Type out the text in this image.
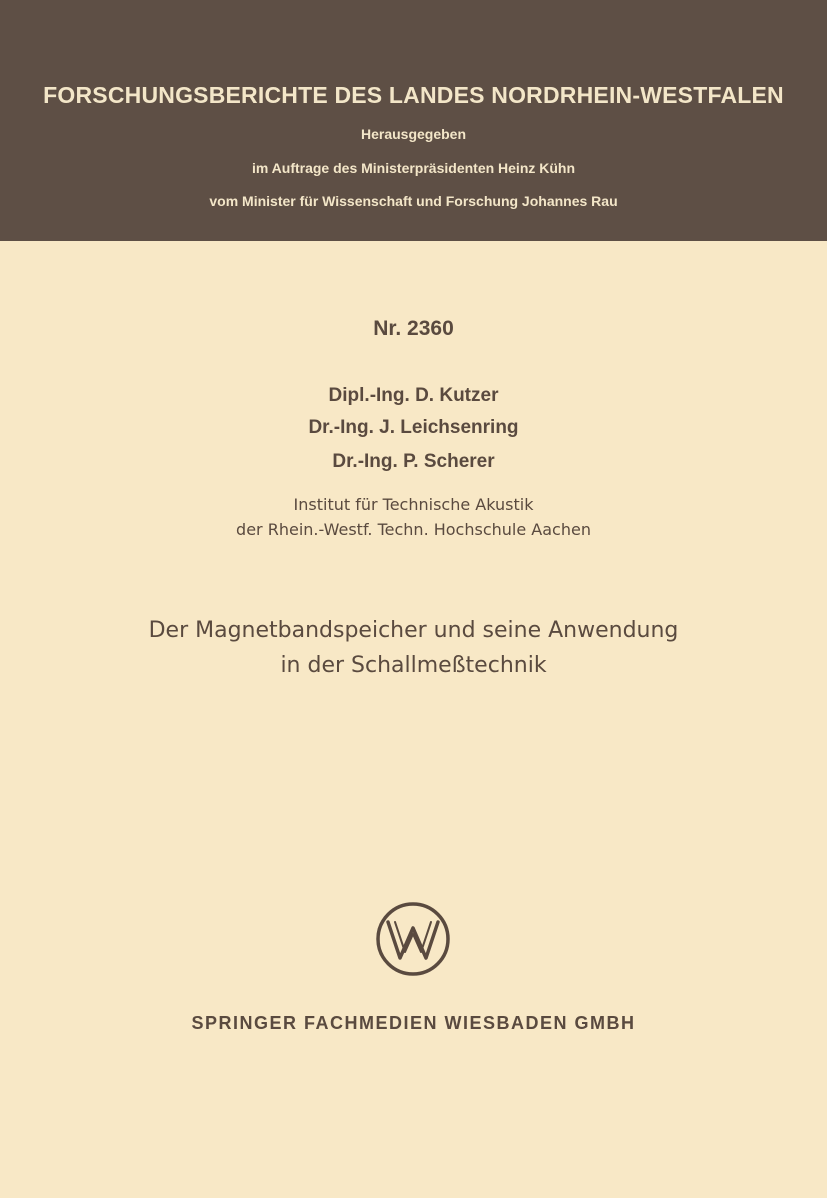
FORSCHUNGSBERICHTE DES LANDES NORDRHEIN-WESTFALEN
Herausgegeben
im Auftrage des Ministerpräsidenten Heinz Kühn
vom Minister für Wissenschaft und Forschung Johannes Rau
Nr. 2360
Dipl.-Ing. D. Kutzer
Dr.-Ing. J. Leichsenring
Dr.-Ing. P. Scherer
Institut für Technische Akustik
der Rhein.-Westf. Techn. Hochschule Aachen
Der Magnetbandspeicher und seine Anwendung
in der Schallmeßtechnik
SPRINGER FACHMEDIEN WIESBADEN GMBH
